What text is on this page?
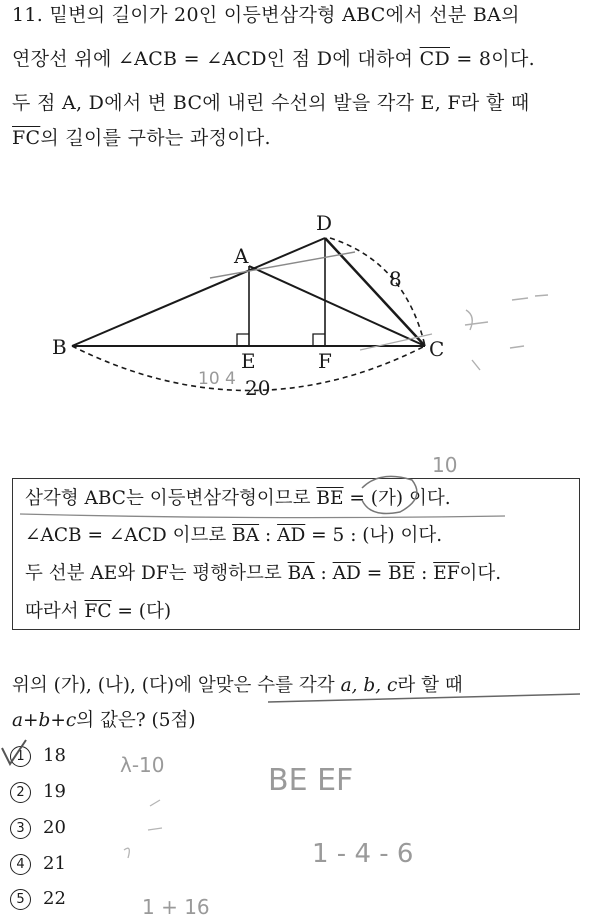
11. 밑변의 길이가 20인 이등변삼각형 ABC에서 선분 BA의
연장선 위에 ∠ACB = ∠ACD인 점 D에 대하여 $\overline{CD} = 8$이다.
두 점 A, D에서 변 BC에 내린 수선의 발을 각각 E, F라 할 때
$\overline{FC}$의 길이를 구하는 과정이다.
A
B	C
D
E	F
8
20
삼각형 ABC는 이등변삼각형이므로 $\overline{BE}$ = (가) 이다.
∠ACB = ∠ACD 이므로 $\overline{BA}$ : $\overline{AD} = 5$ : (나) 이다.
두 선분 AE와 DF는 평행하므로 $\overline{BA}$ : $\overline{AD} = \overline{BE}$ : $\overline{EF}$이다.
따라서 $\overline{FC}$ = (다)
위의 (가), (나), (다)에 알맞은 수를 각각 a, b, c라 할 때
a+b+c의 값은? (5점)
1 18
2 19
3 20
4 21
5 22
10
10 4
λ-10	BE EF
1 - 4 - 6
1 + 16
